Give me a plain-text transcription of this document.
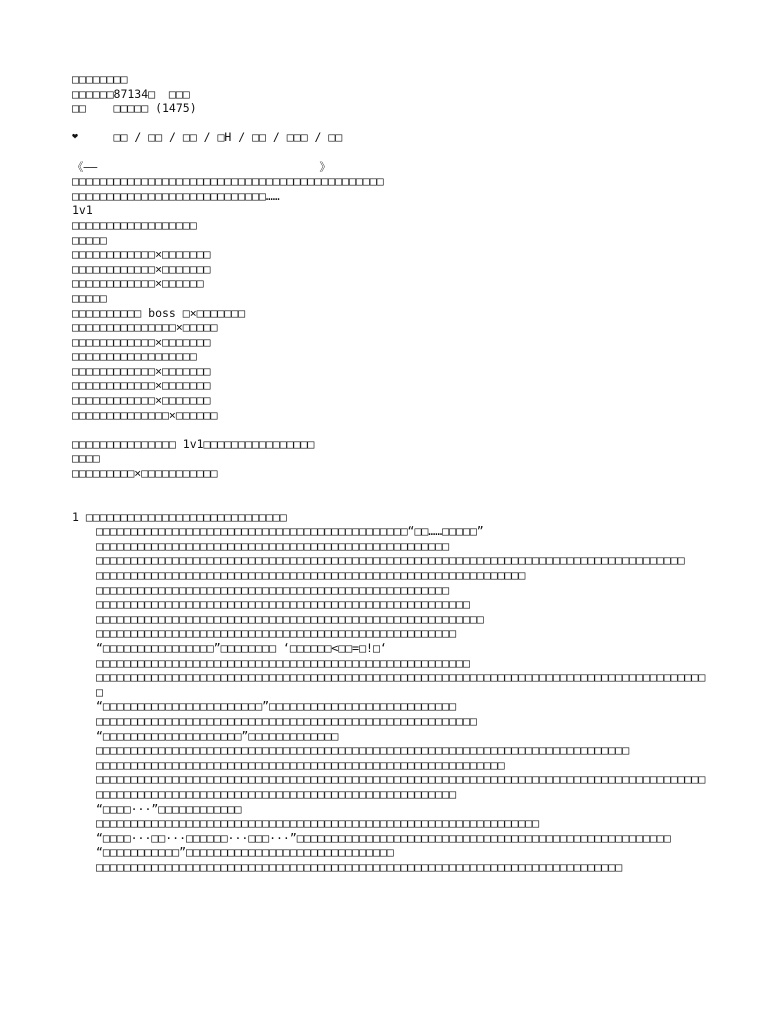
□□□□□□□□
□□□□□□87134□  □□□
□□    □□□□□ (1475)

□□ / □□ / □□ / □H / □□ / □□□ / □□

❤
《——	》
□□□□□□□□□□□□□□□□□□□□□□□□□□□□□□□□□□□□□□□□□□□□□
□□□□□□□□□□□□□□□□□□□□□□□□□□□□……
1v1
□□□□□□□□□□□□□□□□□□
□□□□□
□□□□□□□□□□□□×□□□□□□□
□□□□□□□□□□□□×□□□□□□□
□□□□□□□□□□□□×□□□□□□
□□□□□
□□□□□□□□□□ boss □×□□□□□□□
□□□□□□□□□□□□□□□×□□□□□
□□□□□□□□□□□□×□□□□□□□
□□□□□□□□□□□□□□□□□□
□□□□□□□□□□□□×□□□□□□□
□□□□□□□□□□□□×□□□□□□□
□□□□□□□□□□□□×□□□□□□□
□□□□□□□□□□□□□□×□□□□□□
□□□□□□□□□□□□□□□ 1v1□□□□□□□□□□□□□□□□
□□□□
□□□□□□□□□×□□□□□□□□□□□
1 □□□□□□□□□□□□□□□□□□□□□□□□□□□□□
□□□□□□□□□□□□□□□□□□□□□□□□□□□□□□□□□□□□□□□□□□□□□“□□……□□□□□”
□□□□□□□□□□□□□□□□□□□□□□□□□□□□□□□□□□□□□□□□□□□□□□□□□□□
□□□□□□□□□□□□□□□□□□□□□□□□□□□□□□□□□□□□□□□□□□□□□□□□□□□□□□□□□□□□□□□□□□□□□□□□□□□□□□□□□□□□□
□□□□□□□□□□□□□□□□□□□□□□□□□□□□□□□□□□□□□□□□□□□□□□□□□□□□□□□□□□□□□□
□□□□□□□□□□□□□□□□□□□□□□□□□□□□□□□□□□□□□□□□□□□□□□□□□□□
□□□□□□□□□□□□□□□□□□□□□□□□□□□□□□□□□□□□□□□□□□□□□□□□□□□□□□
□□□□□□□□□□□□□□□□□□□□□□□□□□□□□□□□□□□□□□□□□□□□□□□□□□□□□□□□
□□□□□□□□□□□□□□□□□□□□□□□□□□□□□□□□□□□□□□□□□□□□□□□□□□□□
“□□□□□□□□□□□□□□□□”□□□□□□□□ ‘□□□□□□<□□=□!□‘
□□□□□□□□□□□□□□□□□□□□□□□□□□□□□□□□□□□□□□□□□□□□□□□□□□□□□□
□□□□□□□□□□□□□□□□□□□□□□□□□□□□□□□□□□□□□□□□□□□□□□□□□□□□□□□□□□□□□□□□□□□□□□□□□□□□□□□□□□□□□□□□□
“□□□□□□□□□□□□□□□□□□□□□□□”□□□□□□□□□□□□□□□□□□□□□□□□□□□
□□□□□□□□□□□□□□□□□□□□□□□□□□□□□□□□□□□□□□□□□□□□□□□□□□□□□□□
“□□□□□□□□□□□□□□□□□□□□”□□□□□□□□□□□□□
□□□□□□□□□□□□□□□□□□□□□□□□□□□□□□□□□□□□□□□□□□□□□□□□□□□□□□□□□□□□□□□□□□□□□□□□□□□□□
□□□□□□□□□□□□□□□□□□□□□□□□□□□□□□□□□□□□□□□□□□□□□□□□□□□□□□□□□□□
□□□□□□□□□□□□□□□□□□□□□□□□□□□□□□□□□□□□□□□□□□□□□□□□□□□□□□□□□□□□□□□□□□□□□□□□□□□□□□□□□□□□□□□□
□□□□□□□□□□□□□□□□□□□□□□□□□□□□□□□□□□□□□□□□□□□□□□□□□□□□
“□□□□···”□□□□□□□□□□□□
□□□□□□□□□□□□□□□□□□□□□□□□□□□□□□□□□□□□□□□□□□□□□□□□□□□□□□□□□□□□□□□□
“□□□□···□□···□□□□□□···□□□···”□□□□□□□□□□□□□□□□□□□□□□□□□□□□□□□□□□□□□□□□□□□□□□□□□□□□□□
“□□□□□□□□□□□”□□□□□□□□□□□□□□□□□□□□□□□□□□□□□□
□□□□□□□□□□□□□□□□□□□□□□□□□□□□□□□□□□□□□□□□□□□□□□□□□□□□□□□□□□□□□□□□□□□□□□□□□□□□
